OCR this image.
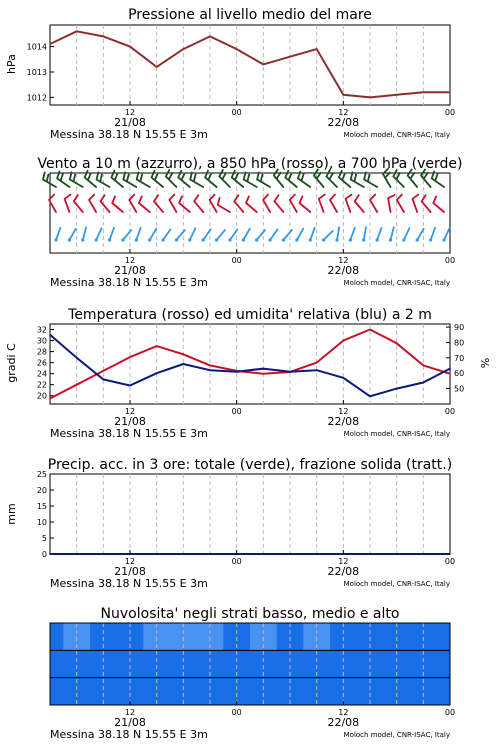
Pressione al livello medio del mare
hPa
1012
1013
1014
12	00	12	00
21/08	22/08
Messina 38.18 N 15.55 E 3m	Moloch model, CNR-ISAC, Italy
Vento a 10 m (azzurro), a 850 hPa (rosso), a 700 hPa (verde)
12	00	12	00
21/08	22/08
Messina 38.18 N 15.55 E 3m	Moloch model, CNR-ISAC, Italy
Temperatura (rosso) ed umidita' relativa (blu) a 2 m
gradi C	%
20
22
24
26
28
30
32
50
60
70
80
90
12	00	12	00
21/08	22/08
Messina 38.18 N 15.55 E 3m	Moloch model, CNR-ISAC, Italy
Precip. acc. in 3 ore: totale (verde), frazione solida (tratt.)
mm
0
5
10
15
20
25
12	00	12	00
21/08	22/08
Messina 38.18 N 15.55 E 3m	Moloch model, CNR-ISAC, Italy
Nuvolosita' negli strati basso, medio e alto
12	00	12	00
21/08	22/08
Messina 38.18 N 15.55 E 3m	Moloch model, CNR-ISAC, Italy
